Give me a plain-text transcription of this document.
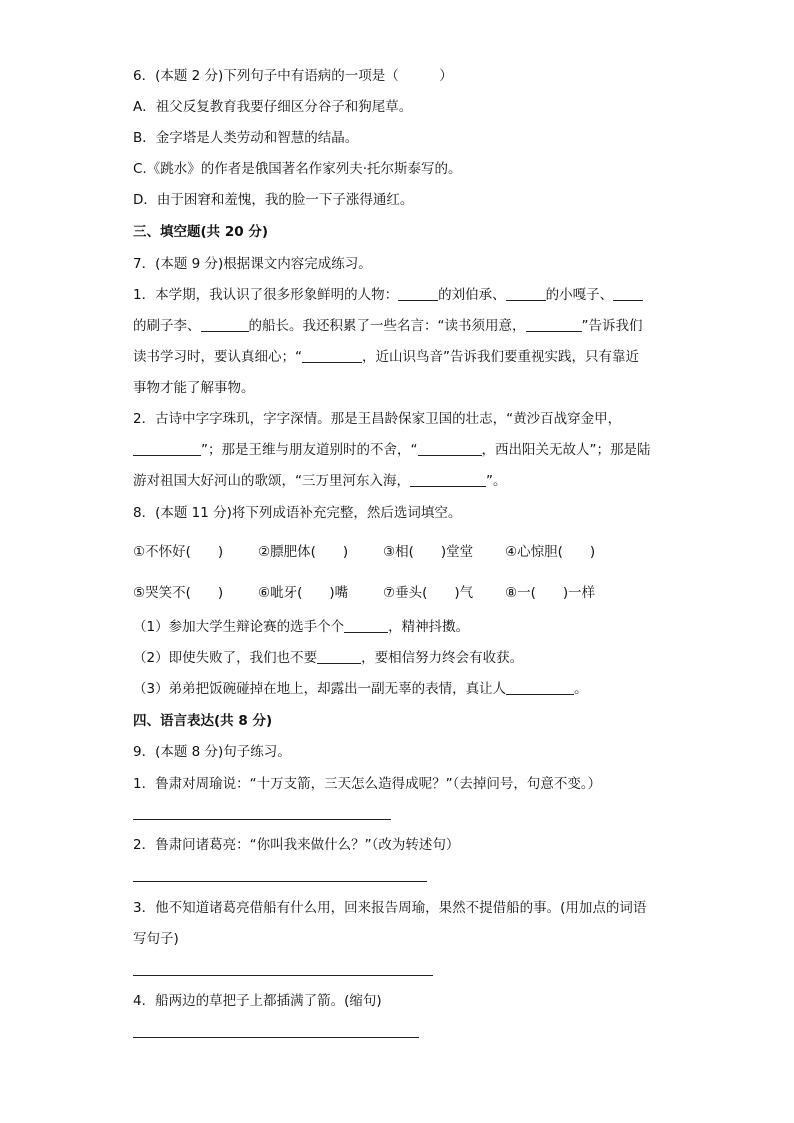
6．(本题 2 分)下列句子中有语病的一项是（　　　）
A．祖父反复教育我要仔细区分谷子和狗尾草。
B．金字塔是人类劳动和智慧的结晶。
C.《跳水》的作者是俄国著名作家列夫·托尔斯泰写的。
D．由于困窘和羞愧，我的脸一下子涨得通红。
三、填空题(共 20 分)
7．(本题 9 分)根据课文内容完成练习。
1．本学期，我认识了很多形象鲜明的人物：	的刘伯承、	的小嘎子、
的刷子李、	的船长。我还积累了一些名言：“读书须用意，	”告诉我们
读书学习时，要认真细心；“	，近山识鸟音”告诉我们要重视实践，只有靠近
事物才能了解事物。
2．古诗中字字珠玑，字字深情。那是王昌龄保家卫国的壮志，“黄沙百战穿金甲，
”；那是王维与朋友道别时的不舍，“	，西出阳关无故人”；那是陆
游对祖国大好河山的歌颂，“三万里河东入海，	”。
8．(本题 11 分)将下列成语补充完整，然后选词填空。
①不怀好(　　)	②膘肥体(　　)	③相(　　)堂堂 ④心惊胆(　　)
⑤哭笑不(　　)	⑥呲牙(　　)嘴	⑦垂头(　　)气 ⑧一(　　)一样
（1）参加大学生辩论赛的选手个个	，精神抖擞。
（2）即使失败了，我们也不要	，要相信努力终会有收获。
（3）弟弟把饭碗碰掉在地上，却露出一副无辜的表情，真让人	。
四、语言表达(共 8 分)
9．(本题 8 分)句子练习。
1．鲁肃对周瑜说：“十万支箭，三天怎么造得成呢？”（去掉问号，句意不变。）
2．鲁肃问诸葛亮：“你叫我来做什么？”（改为转述句）
3．他不知道诸葛亮借船有什么用，回来报告周瑜，果然不提借船的事。(用加点的词语
写句子)
4．船两边的草把子上都插满了箭。(缩句)
